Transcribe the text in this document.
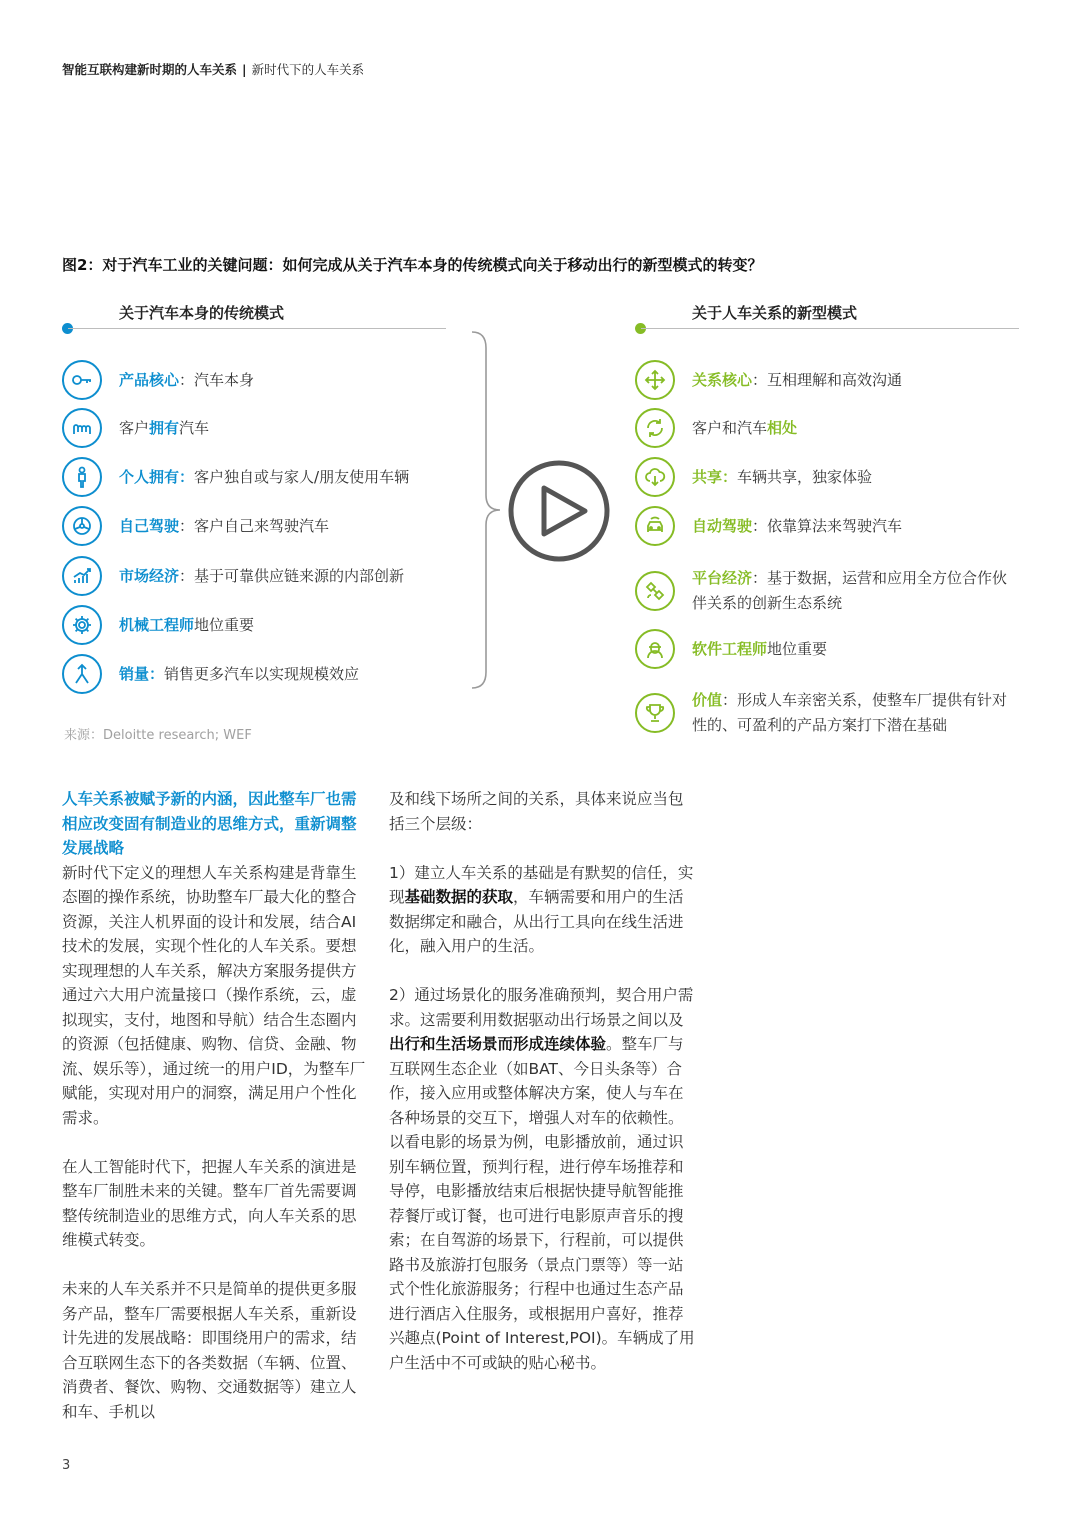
智能互联构建新时期的人车关系 | 新时代下的人车关系
图2：对于汽车工业的关键问题：如何完成从关于汽车本身的传统模式向关于移动出行的新型模式的转变？
关于汽车本身的传统模式	关于人车关系的新型模式
产品核心：汽车本身
客户拥有汽车
个人拥有：客户独自或与家人/朋友使用车辆
自己驾驶：客户自己来驾驶汽车
市场经济：基于可靠供应链来源的内部创新
机械工程师地位重要
销量：销售更多汽车以实现规模效应
关系核心：互相理解和高效沟通
客户和汽车相处
共享：车辆共享，独家体验
自动驾驶：依靠算法来驾驶汽车
平台经济：基于数据，运营和应用全方位合作伙伴关系的创新生态系统
软件工程师地位重要
价值：形成人车亲密关系，使整车厂提供有针对性的、可盈利的产品方案打下潜在基础
来源：Deloitte research; WEF

人车关系被赋予新的内涵，因此整车厂也需相应改变固有制造业的思维方式，重新调整发展战略

新时代下定义的理想人车关系构建是背靠生态圈的操作系统，协助整车厂最大化的整合资源，关注人机界面的设计和发展，结合AI技术的发展，实现个性化的人车关系。要想实现理想的人车关系，解决方案服务提供方通过六大用户流量接口（操作系统，云，虚拟现实，支付，地图和导航）结合生态圈内的资源（包括健康、购物、信贷、金融、物流、娱乐等），通过统一的用户ID，为整车厂赋能，实现对用户的洞察，满足用户个性化需求。

在人工智能时代下，把握人车关系的演进是整车厂制胜未来的关键。整车厂首先需要调整传统制造业的思维方式，向人车关系的思维模式转变。

未来的人车关系并不只是简单的提供更多服务产品，整车厂需要根据人车关系，重新设计先进的发展战略：即围绕用户的需求，结合互联网生态下的各类数据（车辆、位置、消费者、餐饮、购物、交通数据等）建立人和车、手机以

及和线下场所之间的关系，具体来说应当包括三个层级：

1）建立人车关系的基础是有默契的信任，实现基础数据的获取，车辆需要和用户的生活数据绑定和融合，从出行工具向在线生活进化，融入用户的生活。

2）通过场景化的服务准确预判，契合用户需求。这需要利用数据驱动出行场景之间以及出行和生活场景而形成连续体验。整车厂与互联网生态企业（如BAT、今日头条等）合作，接入应用或整体解决方案，使人与车在各种场景的交互下，增强人对车的依赖性。以看电影的场景为例，电影播放前，通过识别车辆位置，预判行程，进行停车场推荐和导停，电影播放结束后根据快捷导航智能推荐餐厅或订餐，也可进行电影原声音乐的搜索；在自驾游的场景下，行程前，可以提供路书及旅游打包服务（景点门票等）等一站式个性化旅游服务；行程中也通过生态产品进行酒店入住服务，或根据用户喜好，推荐兴趣点(Point of Interest,POI)。车辆成了用户生活中不可或缺的贴心秘书。

3
